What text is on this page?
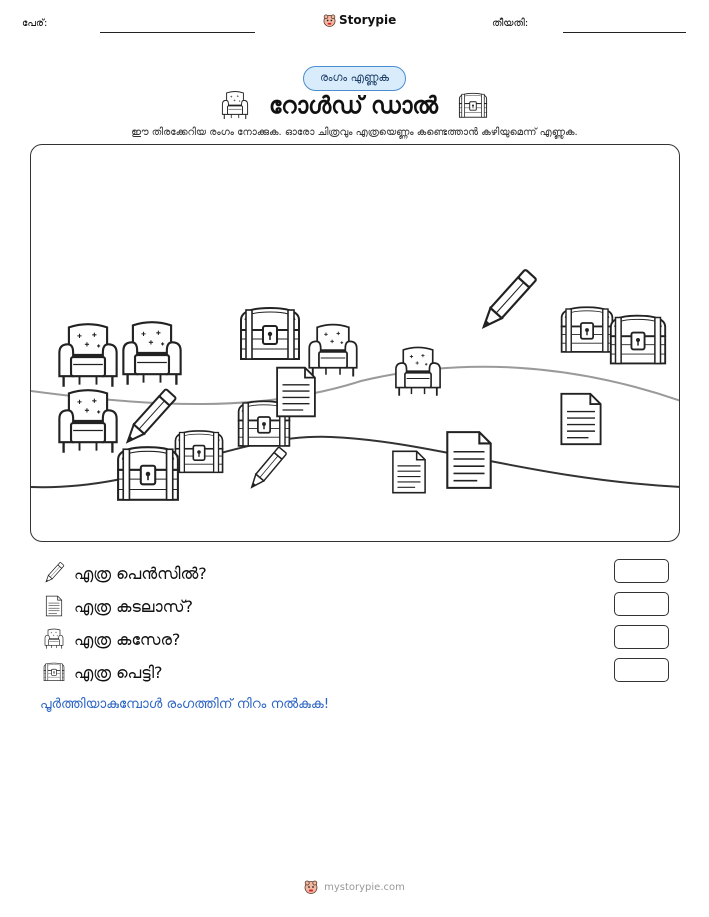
പേര്:	Storypie	തീയതി:
രംഗം എണ്ണുക
റോൾഡ് ഡാൽ
ഈ തിരക്കേറിയ രംഗം നോക്കുക. ഓരോ ചിത്രവും എത്രയെണ്ണം കണ്ടെത്താൻ കഴിയുമെന്ന് എണ്ണുക.
എത്ര പെൻസിൽ?
എത്ര കടലാസ്?
എത്ര കസേര?
എത്ര പെട്ടി?
പൂർത്തിയാകുമ്പോൾ രംഗത്തിന് നിറം നൽകുക!
mystorypie.com
